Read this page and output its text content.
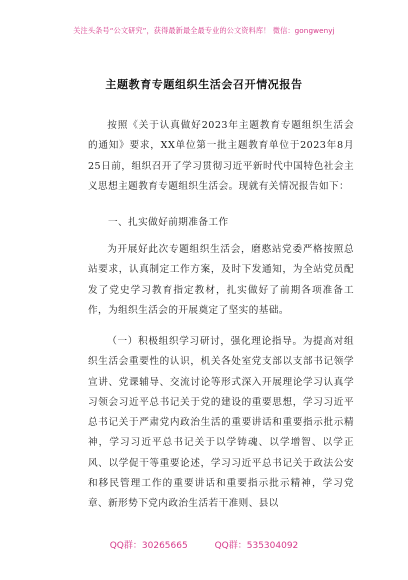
关注头条号“公文研究”，获得最新最全最专业的公文资料库！ 微信：gongwenyj
主题教育专题组织生活会召开情况报告

按照《关于认真做好2023年主题教育专题组织生活会的通知》要求，XX单位第一批主题教育单位于2023年8月25日前，组织召开了学习贯彻习近平新时代中国特色社会主义思想主题教育专题组织生活会。现就有关情况报告如下：

一、扎实做好前期准备工作

为开展好此次专题组织生活会，磨憨站党委严格按照总站要求，认真制定工作方案，及时下发通知，为全站党员配发了党史学习教育指定教材，扎实做好了前期各项准备工作，为组织生活会的开展奠定了坚实的基础。

（一）积极组织学习研讨，强化理论指导。为提高对组织生活会重要性的认识，机关各处室党支部以支部书记领学宣讲、党课辅导、交流讨论等形式深入开展理论学习认真学习领会习近平总书记关于党的建设的重要思想，学习习近平总书记关于严肃党内政治生活的重要讲话和重要指示批示精神，学习习近平总书记关于以学铸魂、以学增智、以学正风、以学促干等重要论述，学习习近平总书记关于政法公安和移民管理工作的重要讲话和重要指示批示精神，学习党章、新形势下党内政治生活若干准则、县以

QQ群：30265665	QQ群：535304092
